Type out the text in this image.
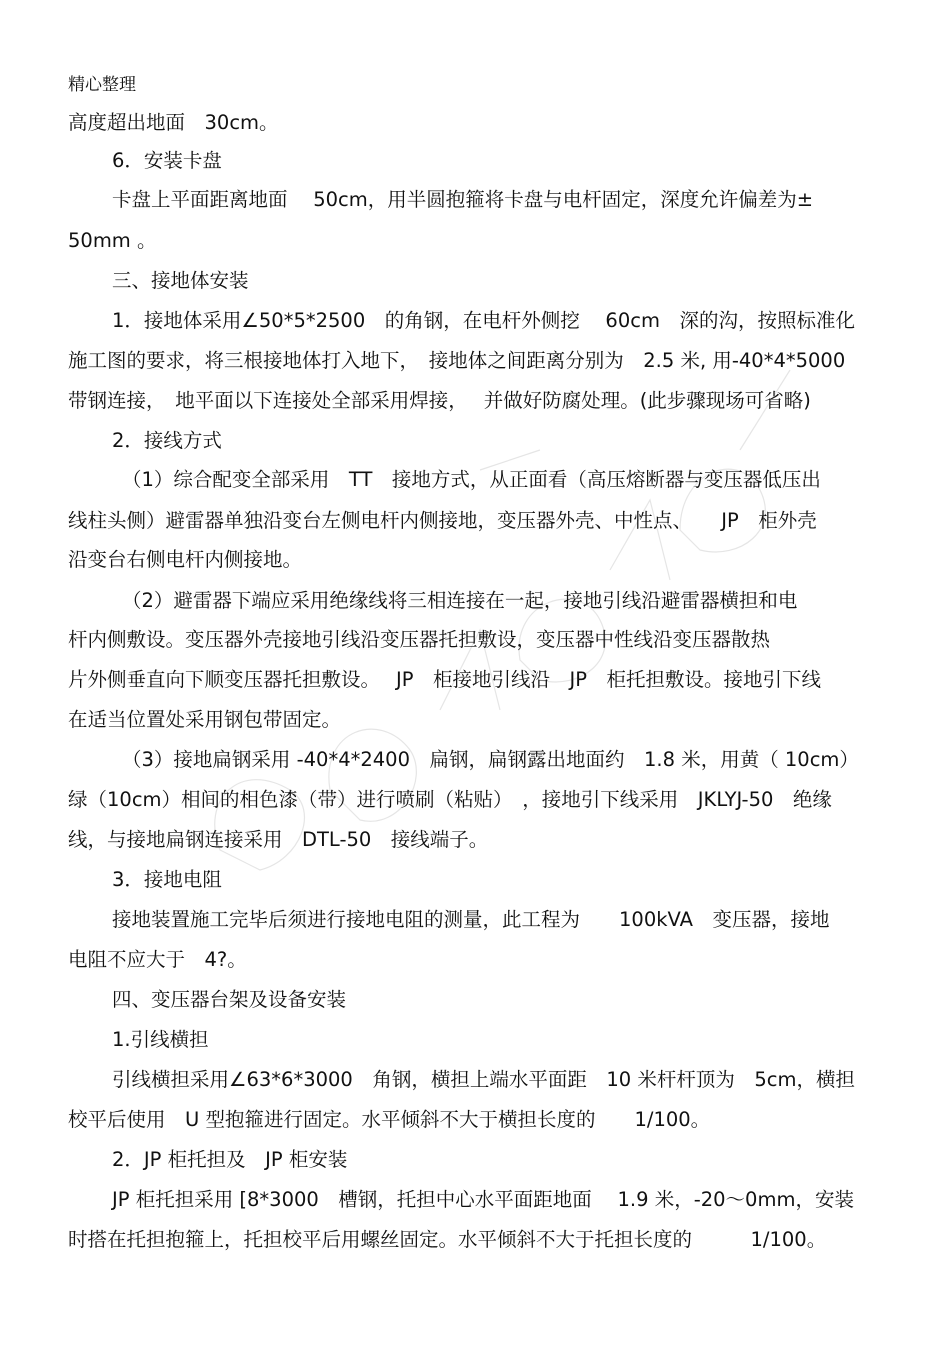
精心整理
高度超出地面　30cm。
6．安装卡盘
卡盘上平面距离地面　 50cm，用半圆抱箍将卡盘与电杆固定，深度允许偏差为±
50mm 。
三、接地体安装
1．接地体采用∠50*5*2500　的角钢，在电杆外侧挖　 60cm　深的沟，按照标准化
施工图的要求，将三根接地体打入地下，　接地体之间距离分别为　2.5 米, 用-40*4*5000
带钢连接，　地平面以下连接处全部采用焊接，　 并做好防腐处理。(此步骤现场可省略)
2．接线方式
（1）综合配变全部采用　TT　接地方式，从正面看（高压熔断器与变压器低压出
线柱头侧）避雷器单独沿变台左侧电杆内侧接地，变压器外壳、中性点、　　JP　柜外壳
沿变台右侧电杆内侧接地。
（2）避雷器下端应采用绝缘线将三相连接在一起，接地引线沿避雷器横担和电
杆内侧敷设。变压器外壳接地引线沿变压器托担敷设，变压器中性线沿变压器散热
片外侧垂直向下顺变压器托担敷设。　 JP　柜接地引线沿　JP　柜托担敷设。接地引下线
在适当位置处采用钢包带固定。
（3）接地扁钢采用 -40*4*2400　扁钢，扁钢露出地面约　1.8 米，用黄（ 10cm）
绿（10cm）相间的相色漆（带）进行喷刷（粘贴）　，接地引下线采用　JKLYJ-50　绝缘
线，与接地扁钢连接采用　DTL-50　接线端子。
3．接地电阻
接地装置施工完毕后须进行接地电阻的测量，此工程为　　100kVA　变压器，接地
电阻不应大于　4?。
四、变压器台架及设备安装
1.引线横担
引线横担采用∠63*6*3000　角钢，横担上端水平面距　10 米杆杆顶为　5cm，横担
校平后使用　U 型抱箍进行固定。水平倾斜不大于横担长度的　　1/100。
2．JP 柜托担及　JP 柜安装
JP 柜托担采用 [8*3000　槽钢，托担中心水平面距地面　 1.9 米，-20～0mm，安装
时搭在托担抱箍上，托担校平后用螺丝固定。水平倾斜不大于托担长度的　　　1/100。
